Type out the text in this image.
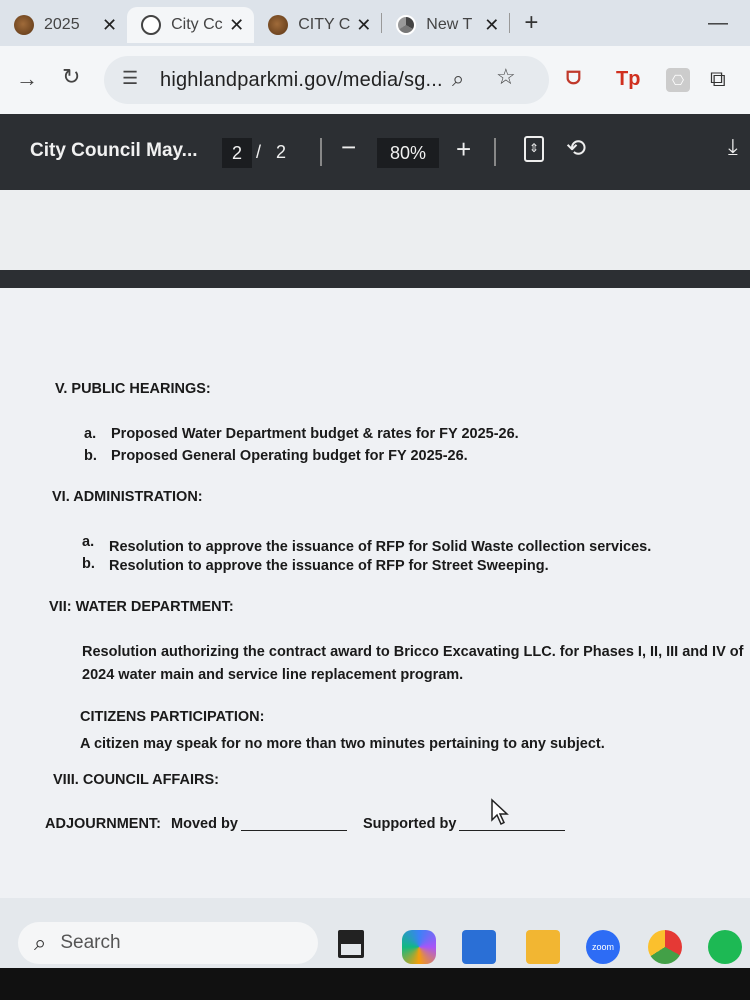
2025	✕	City Cc ✕	CITY C ✕	New T ✕ +	—
→ ↻ ☰ highlandparkmi.gov/media/sg... ⌕ ☆	ᗜ Tp	⎔ ⧉
City Council May...	2 / 2 −	80%	+	⇕ ⟲	⤓
V. PUBLIC HEARINGS:
a. Proposed Water Department budget & rates for FY 2025-26.
b. Proposed General Operating budget for FY 2025-26.
VI. ADMINISTRATION:
a. Resolution to approve the issuance of RFP for Solid Waste collection services.
b. Resolution to approve the issuance of RFP for Street Sweeping.
VII: WATER DEPARTMENT:
Resolution authorizing the contract award to Bricco Excavating LLC. for Phases I, II, III and IV of
2024 water main and service line replacement program.
CITIZENS PARTICIPATION:
A citizen may speak for no more than two minutes pertaining to any subject.
VIII. COUNCIL AFFAIRS:
ADJOURNMENT: Moved by	Supported by
⌕ Search	zoom
